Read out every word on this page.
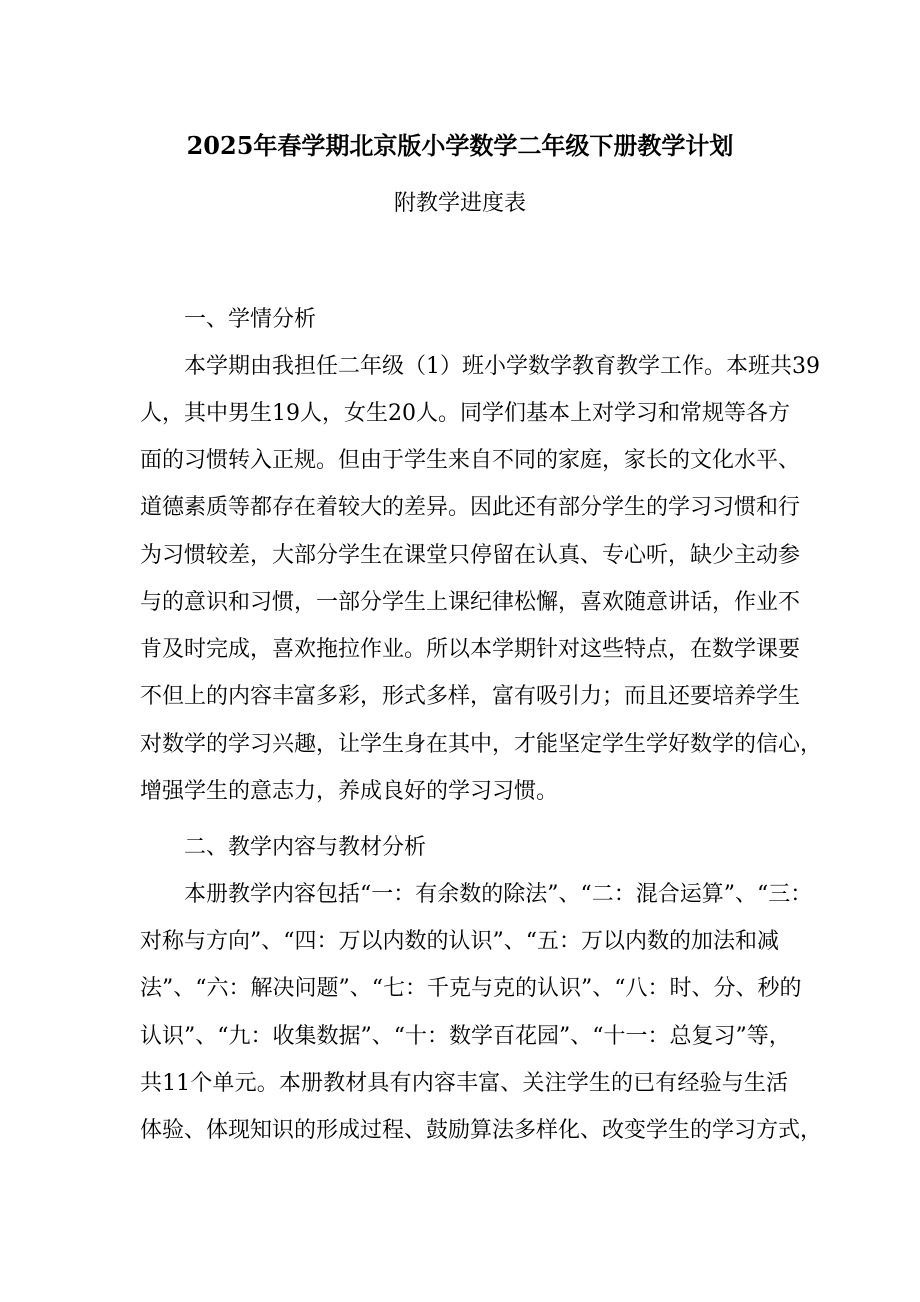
2025年春学期北京版小学数学二年级下册教学计划
附教学进度表
一、学情分析
本学期由我担任二年级（1）班小学数学教育教学工作。本班共39
人，其中男生19人，女生20人。同学们基本上对学习和常规等各方
面的习惯转入正规。但由于学生来自不同的家庭，家长的文化水平、
道德素质等都存在着较大的差异。因此还有部分学生的学习习惯和行
为习惯较差，大部分学生在课堂只停留在认真、专心听，缺少主动参
与的意识和习惯，一部分学生上课纪律松懈，喜欢随意讲话，作业不
肯及时完成，喜欢拖拉作业。所以本学期针对这些特点，在数学课要
不但上的内容丰富多彩，形式多样，富有吸引力；而且还要培养学生
对数学的学习兴趣，让学生身在其中，才能坚定学生学好数学的信心，
增强学生的意志力，养成良好的学习习惯。
二、教学内容与教材分析
本册教学内容包括“一：有余数的除法”、“二：混合运算”、“三：
对称与方向”、“四：万以内数的认识”、“五：万以内数的加法和减
法”、“六：解决问题”、“七：千克与克的认识”、“八：时、分、秒的
认识”、“九：收集数据”、“十：数学百花园”、“十一：总复习”等，
共11个单元。本册教材具有内容丰富、关注学生的已有经验与生活
体验、体现知识的形成过程、鼓励算法多样化、改变学生的学习方式，
